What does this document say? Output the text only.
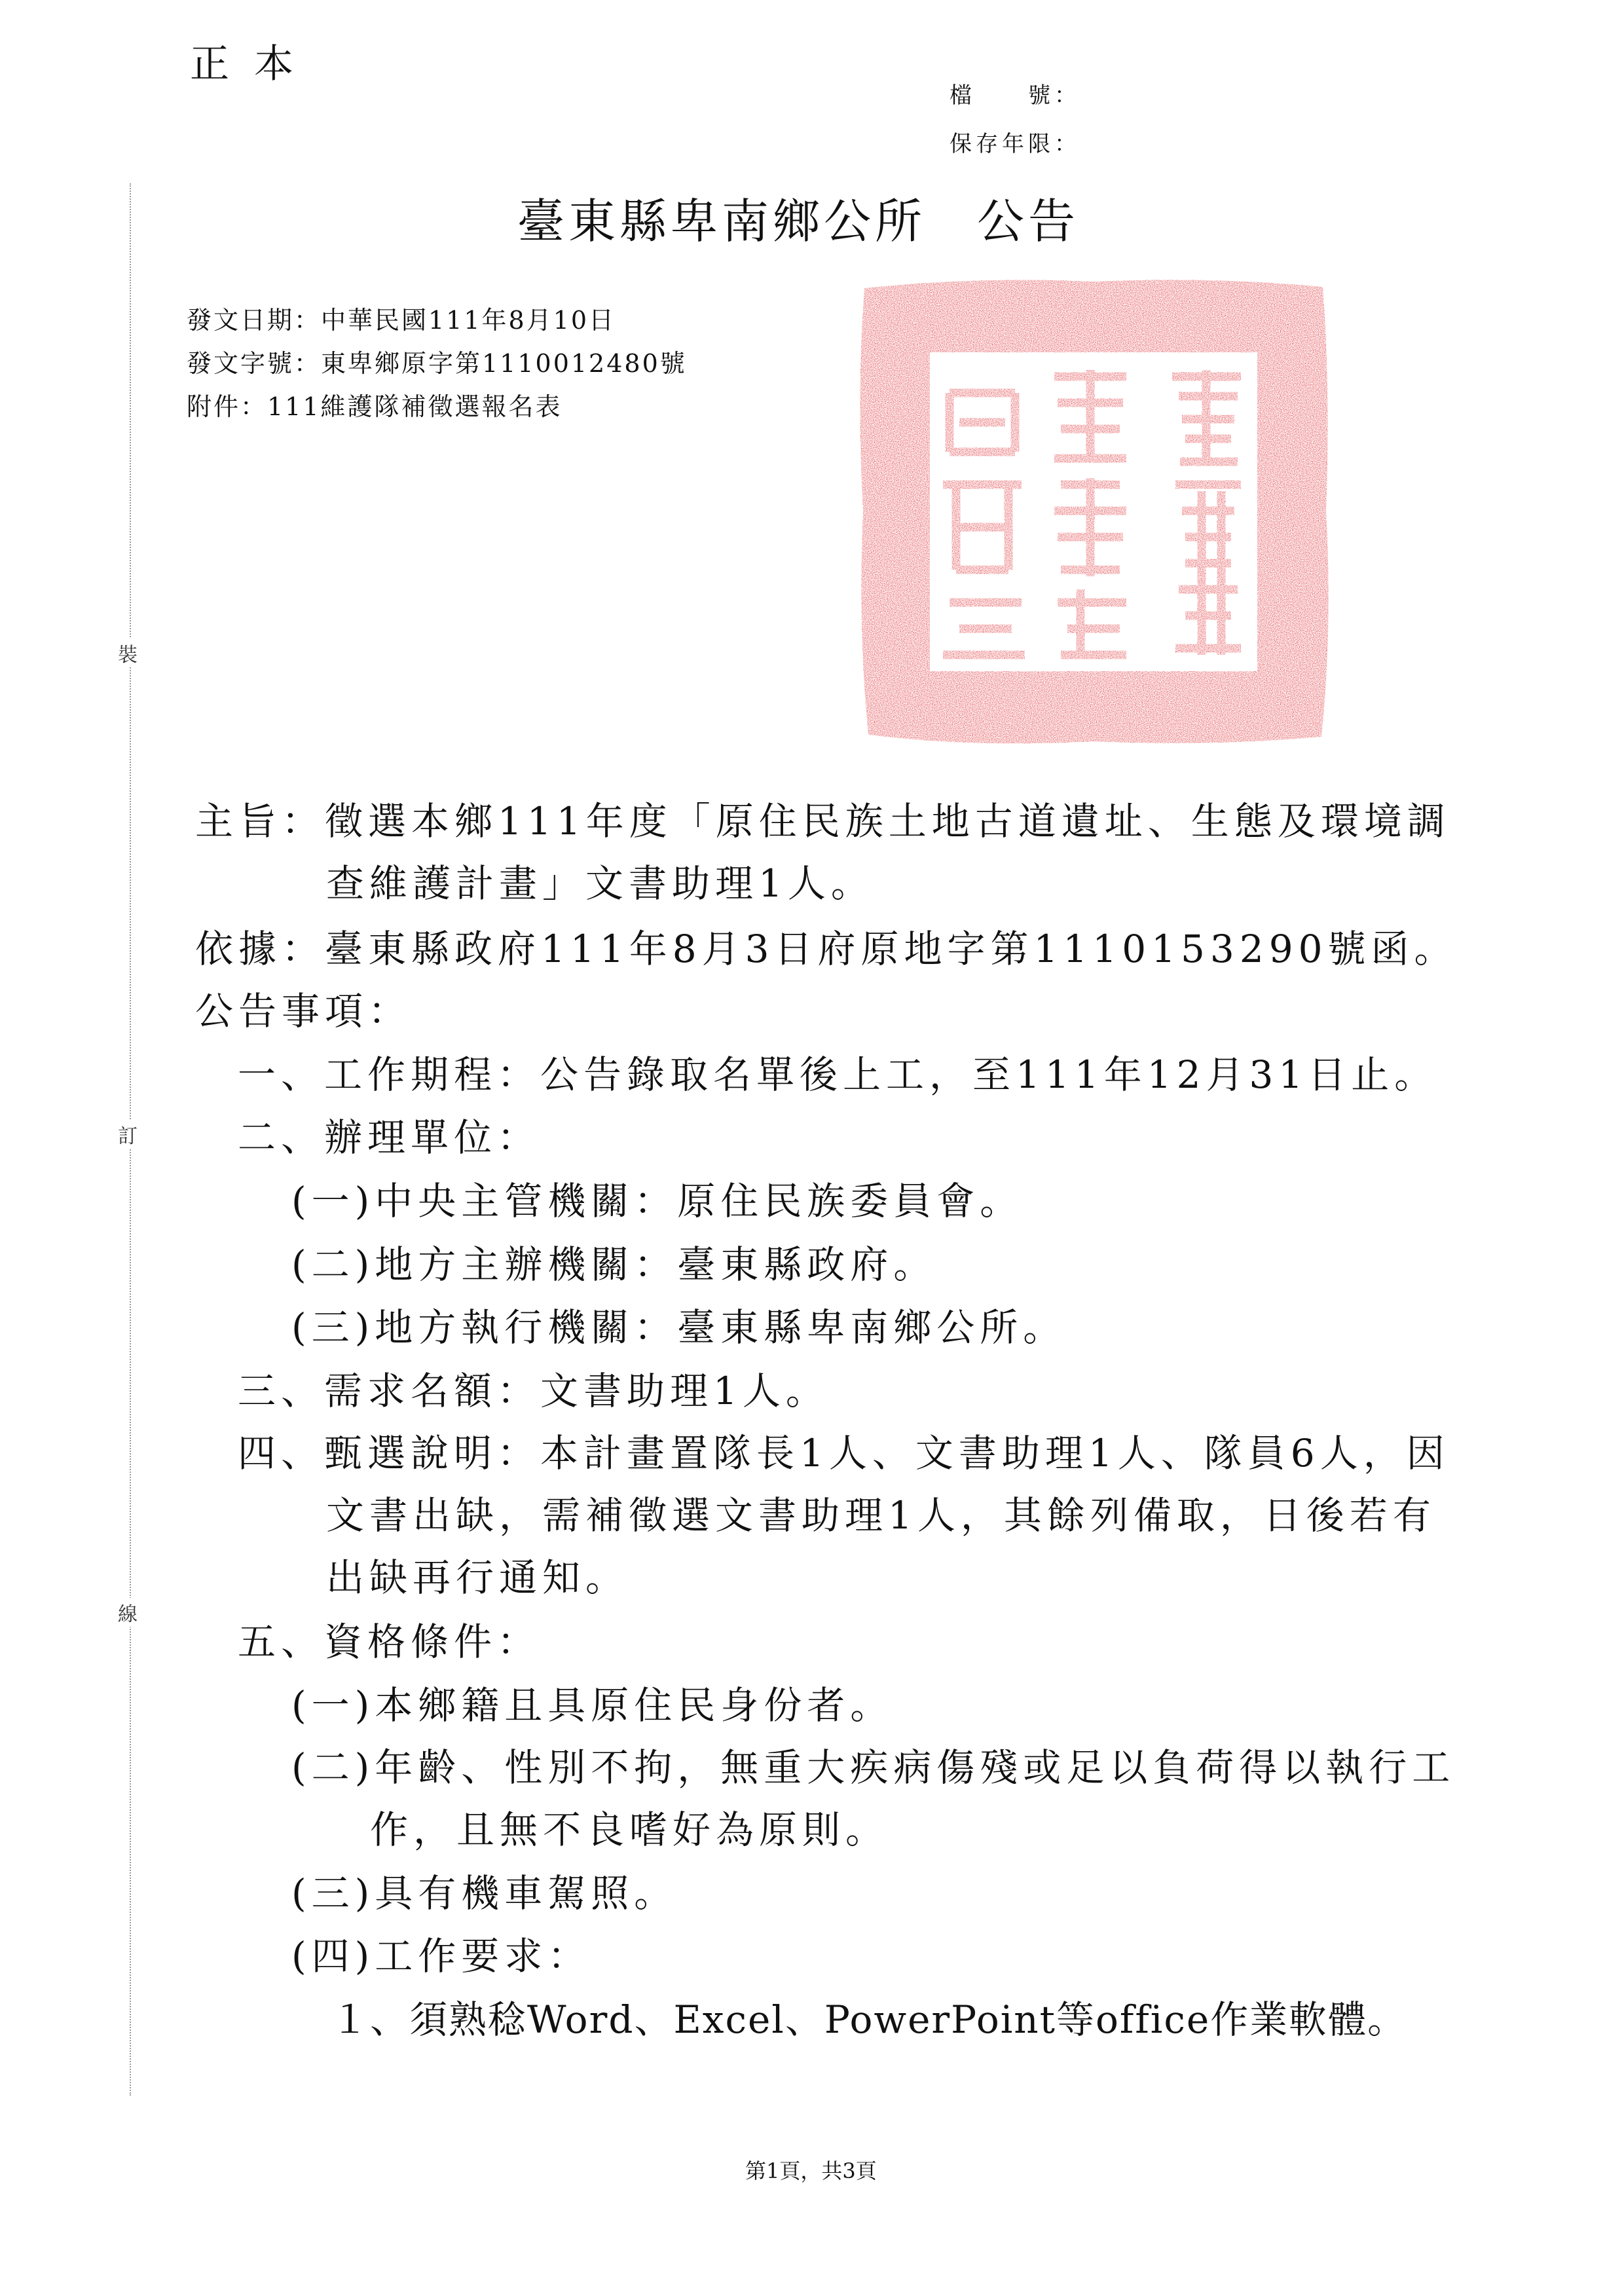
裝
訂
線
正本
檔　　號：
保存年限：
臺東縣卑南鄉公所　公告
發文日期：中華民國111年8月10日
發文字號：東卑鄉原字第1110012480號
附件：111維護隊補徵選報名表
臺東縣卑南鄉公所印
主旨：徵選本鄉111年度「原住民族土地古道遺址、生態及環境調
查維護計畫」文書助理1人。
依據：臺東縣政府111年8月3日府原地字第1110153290號函。
公告事項：
一、工作期程：公告錄取名單後上工，至111年12月31日止。
二、辦理單位：
(一)中央主管機關：原住民族委員會。
(二)地方主辦機關：臺東縣政府。
(三)地方執行機關：臺東縣卑南鄉公所。
三、需求名額：文書助理1人。
四、甄選說明：本計畫置隊長1人、文書助理1人、隊員6人，因
文書出缺，需補徵選文書助理1人，其餘列備取，日後若有
出缺再行通知。
五、資格條件：
(一)本鄉籍且具原住民身份者。
(二)年齡、性別不拘，無重大疾病傷殘或足以負荷得以執行工
作，且無不良嗜好為原則。
(三)具有機車駕照。
(四)工作要求：
１、須熟稔Word、Excel、PowerPoint等office作業軟體。
第1頁，共3頁
